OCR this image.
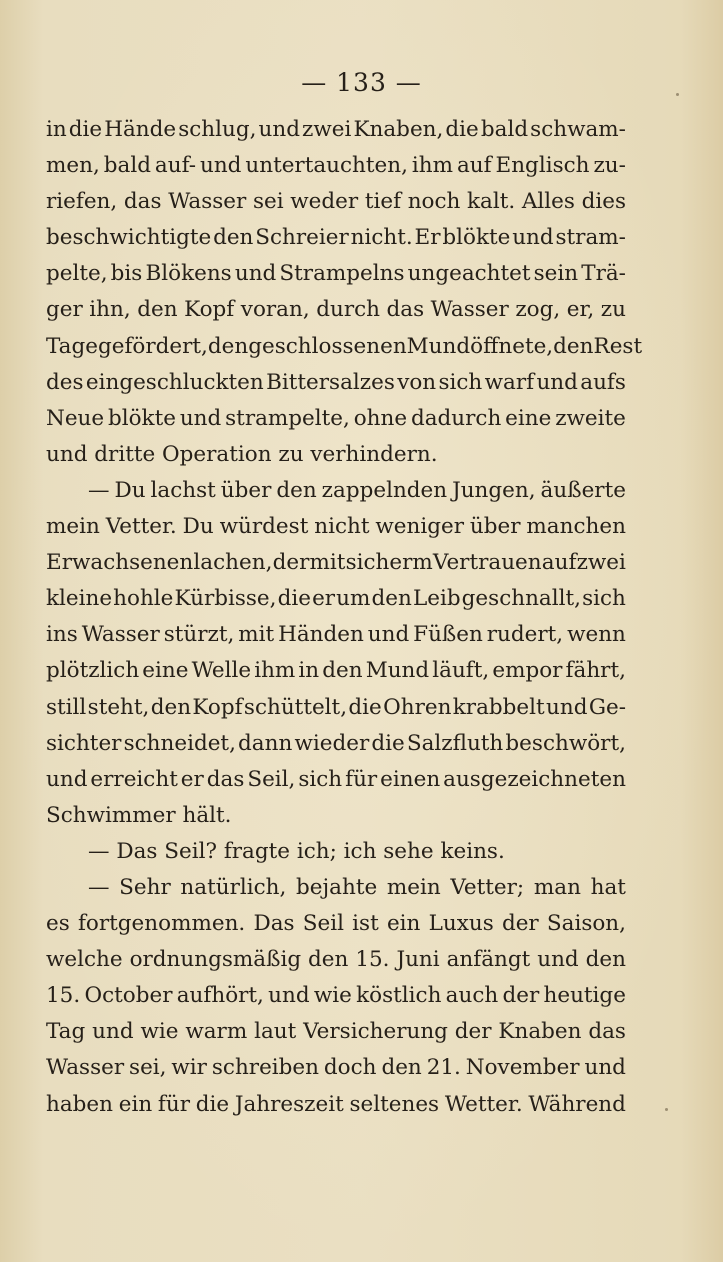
— 133 —
in die Hände schlug, und zwei Knaben, die bald schwam-
men, bald auf- und untertauchten, ihm auf Englisch zu-
riefen, das Wasser sei weder tief noch kalt. Alles dies
beschwichtigte den Schreier nicht. Er blökte und stram-
pelte, bis Blökens und Strampelns ungeachtet sein Trä-
ger ihn, den Kopf voran, durch das Wasser zog, er, zu
Tage gefördert, den geschlossenen Mund öffnete, den Rest
des eingeschluckten Bittersalzes von sich warf und aufs
Neue blökte und strampelte, ohne dadurch eine zweite
und dritte Operation zu verhindern.
— Du lachst über den zappelnden Jungen, äußerte
mein Vetter. Du würdest nicht weniger über manchen
Erwachsenen lachen, der mit sicherm Vertrauen auf zwei
kleine hohle Kürbisse, die er um den Leib geschnallt, sich
ins Wasser stürzt, mit Händen und Füßen rudert, wenn
plötzlich eine Welle ihm in den Mund läuft, empor fährt,
still steht, den Kopf schüttelt, die Ohren krabbelt und Ge-
sichter schneidet, dann wieder die Salzfluth beschwört,
und erreicht er das Seil, sich für einen ausgezeichneten
Schwimmer hält.
— Das Seil? fragte ich; ich sehe keins.
— Sehr natürlich, bejahte mein Vetter; man hat
es fortgenommen. Das Seil ist ein Luxus der Saison,
welche ordnungsmäßig den 15. Juni anfängt und den
15. October aufhört, und wie köstlich auch der heutige
Tag und wie warm laut Versicherung der Knaben das
Wasser sei, wir schreiben doch den 21. November und
haben ein für die Jahreszeit seltenes Wetter. Während
